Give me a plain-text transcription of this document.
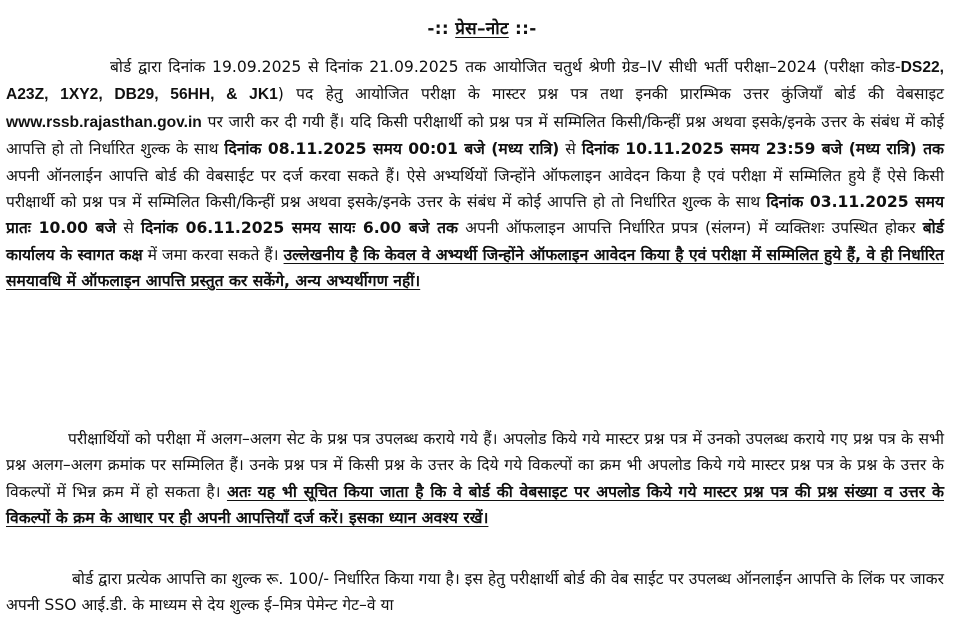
-:: प्रेस–नोट ::-

बोर्ड द्वारा दिनांक 19.09.2025 से दिनांक 21.09.2025 तक आयोजित चतुर्थ श्रेणी ग्रेड–IV सीधी भर्ती परीक्षा–2024 (परीक्षा कोड-DS22, A23Z, 1XY2, DB29, 56HH, & JK1) पद हेतु आयोजित परीक्षा के मास्टर प्रश्न पत्र तथा इनकी प्रारम्भिक उत्तर कुंजियाँ बोर्ड की वेबसाइट www.rssb.rajasthan.gov.in पर जारी कर दी गयी हैं। यदि किसी परीक्षार्थी को प्रश्न पत्र में सम्मिलित किसी/किन्हीं प्रश्न अथवा इसके/इनके उत्तर के संबंध में कोई आपत्ति हो तो निर्धारित शुल्क के साथ दिनांक 08.11.2025 समय 00:01 बजे (मध्य रात्रि) से दिनांक 10.11.2025 समय 23:59 बजे (मध्य रात्रि) तक अपनी ऑनलाईन आपत्ति बोर्ड की वेबसाईट पर दर्ज करवा सकते हैं। ऐसे अभ्यर्थियों जिन्होंने ऑफलाइन आवेदन किया है एवं परीक्षा में सम्मिलित हुये हैं ऐसे किसी परीक्षार्थी को प्रश्न पत्र में सम्मिलित किसी/किन्हीं प्रश्न अथवा इसके/इनके उत्तर के संबंध में कोई आपत्ति हो तो निर्धारित शुल्क के साथ दिनांक 03.11.2025 समय प्रातः 10.00 बजे से दिनांक 06.11.2025 समय सायः 6.00 बजे तक अपनी ऑफलाइन आपत्ति निर्धारित प्रपत्र (संलग्न) में व्यक्तिशः उपस्थित होकर बोर्ड कार्यालय के स्वागत कक्ष में जमा करवा सकते हैं। उल्लेखनीय है कि केवल वे अभ्यर्थी जिन्होंने ऑफलाइन आवेदन किया है एवं परीक्षा में सम्मिलित हुये हैं, वे ही निर्धारित समयावधि में ऑफलाइन आपत्ति प्रस्तुत कर सकेंगे, अन्य अभ्यर्थीगण नहीं।

परीक्षार्थियों को परीक्षा में अलग–अलग सेट के प्रश्न पत्र उपलब्ध कराये गये हैं। अपलोड किये गये मास्टर प्रश्न पत्र में उनको उपलब्ध कराये गए प्रश्न पत्र के सभी प्रश्न अलग–अलग क्रमांक पर सम्मिलित हैं। उनके प्रश्न पत्र में किसी प्रश्न के उत्तर के दिये गये विकल्पों का क्रम भी अपलोड किये गये मास्टर प्रश्न पत्र के प्रश्न के उत्तर के विकल्पों में भिन्न क्रम में हो सकता है। अतः यह भी सूचित किया जाता है कि वे बोर्ड की वेबसाइट पर अपलोड किये गये मास्टर प्रश्न पत्र की प्रश्न संख्या व उत्तर के विकल्पों के क्रम के आधार पर ही अपनी आपत्तियाँ दर्ज करें। इसका ध्यान अवश्य रखें।

बोर्ड द्वारा प्रत्येक आपत्ति का शुल्क रू. 100/- निर्धारित किया गया है। इस हेतु परीक्षार्थी बोर्ड की वेब साईट पर उपलब्ध ऑनलाईन आपत्ति के लिंक पर जाकर अपनी SSO आई.डी. के माध्यम से देय शुल्क ई–मित्र पेमेन्ट गेट–वे या
